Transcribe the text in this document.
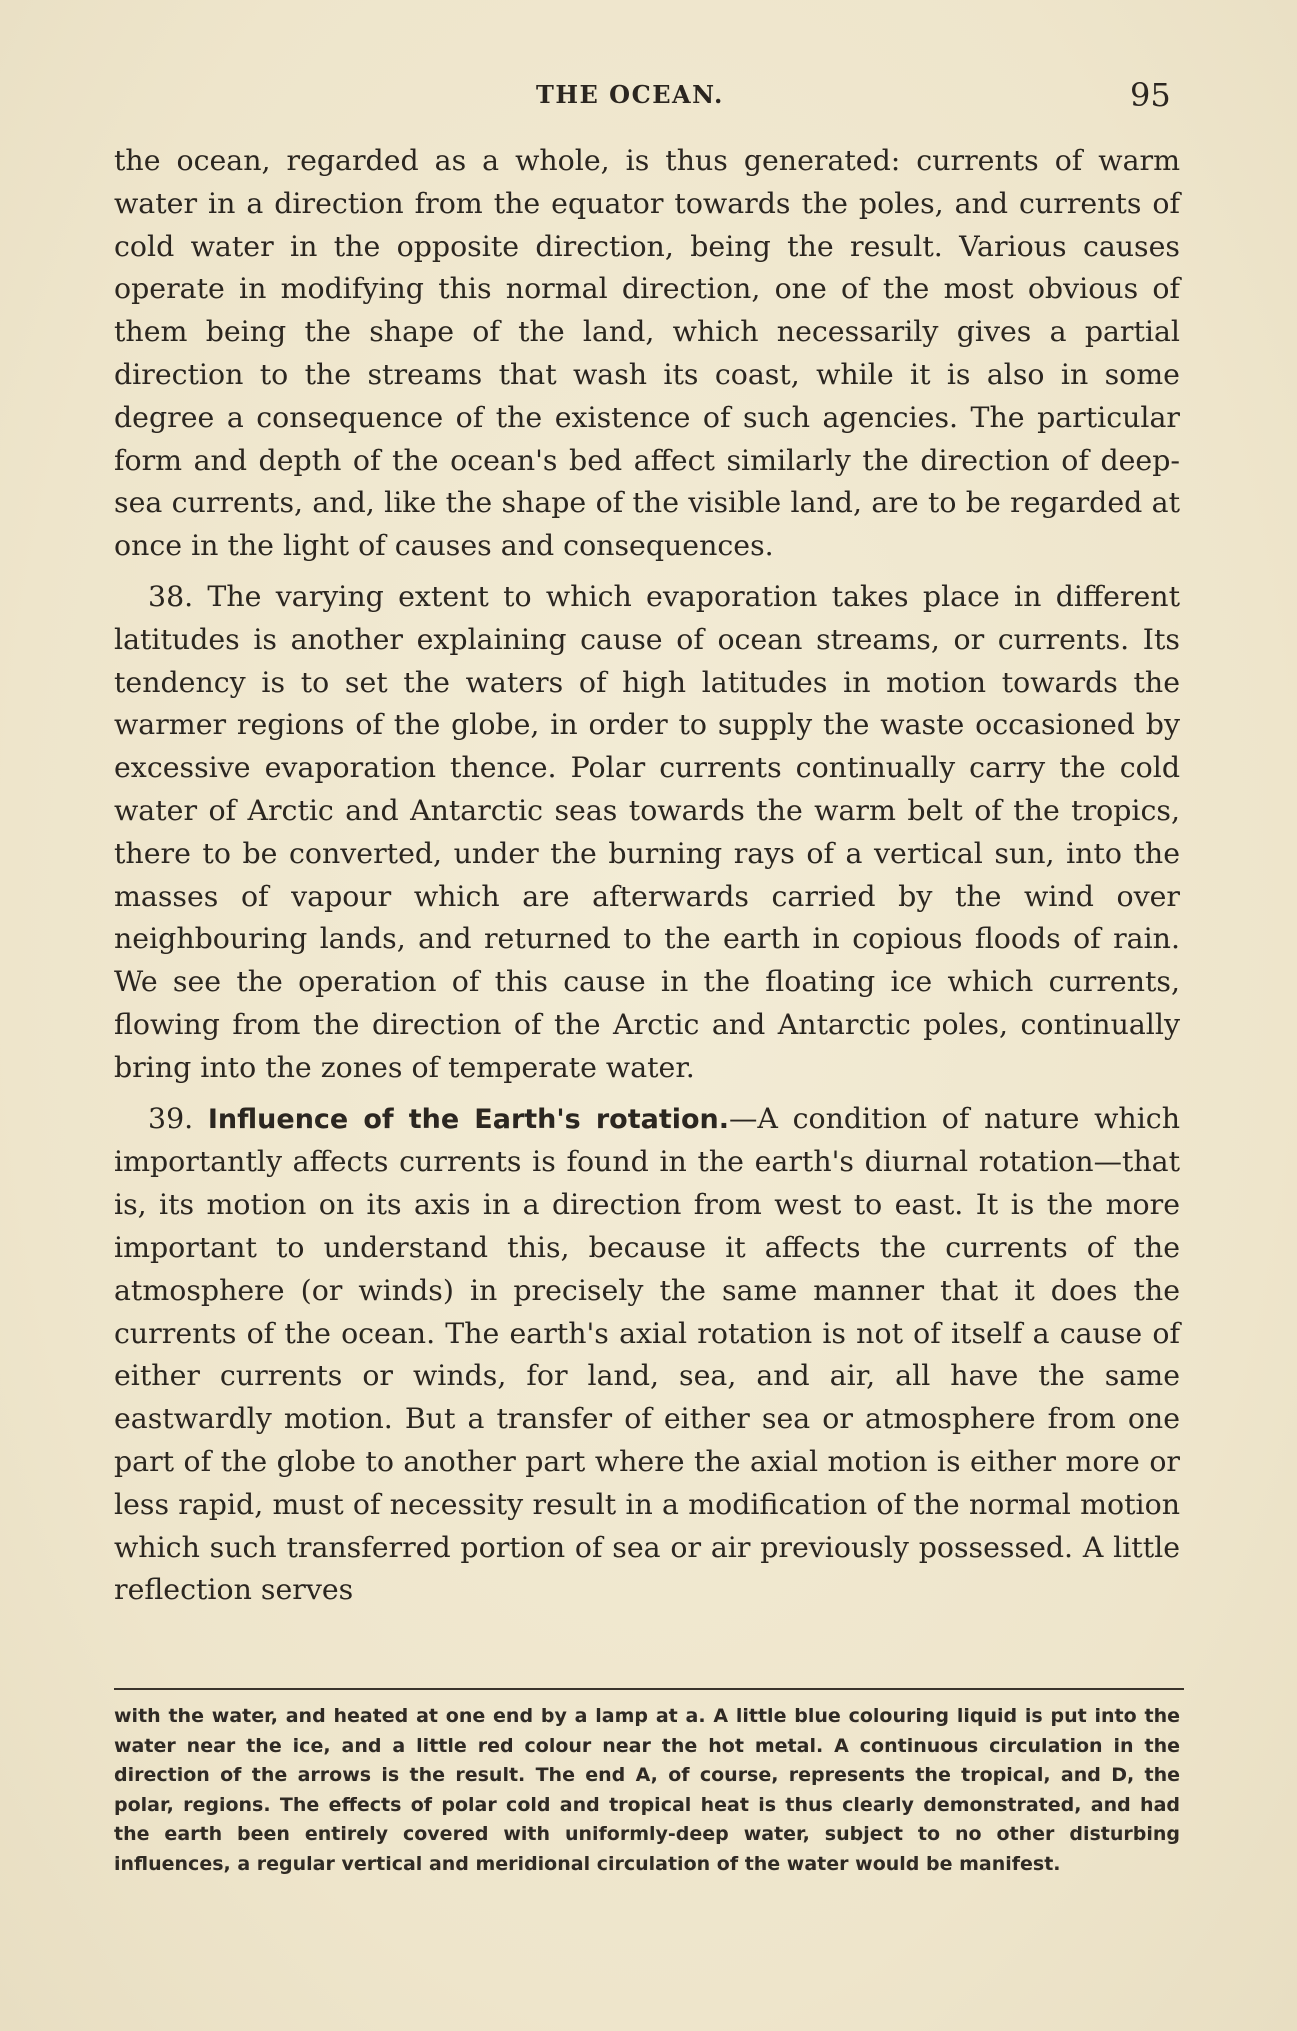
THE OCEAN.	95

the ocean, regarded as a whole, is thus generated: currents of warm water in a direction from the equator towards the poles, and currents of cold water in the opposite direction, being the result. Various causes operate in modifying this normal direction, one of the most obvious of them being the shape of the land, which necessarily gives a partial direction to the streams that wash its coast, while it is also in some degree a consequence of the existence of such agencies. The particular form and depth of the ocean's bed affect similarly the direction of deep-sea currents, and, like the shape of the visible land, are to be regarded at once in the light of causes and consequences.

38. The varying extent to which evaporation takes place in different latitudes is another explaining cause of ocean streams, or currents. Its tendency is to set the waters of high latitudes in motion towards the warmer regions of the globe, in order to supply the waste occasioned by excessive evaporation thence. Polar currents continually carry the cold water of Arctic and Antarctic seas towards the warm belt of the tropics, there to be converted, under the burning rays of a vertical sun, into the masses of vapour which are afterwards carried by the wind over neighbouring lands, and returned to the earth in copious floods of rain. We see the operation of this cause in the floating ice which currents, flowing from the direction of the Arctic and Antarctic poles, continually bring into the zones of temperate water.

39. Influence of the Earth's rotation.—A condition of nature which importantly affects currents is found in the earth's diurnal rotation—that is, its motion on its axis in a direction from west to east. It is the more important to understand this, because it affects the currents of the atmosphere (or winds) in precisely the same manner that it does the currents of the ocean. The earth's axial rotation is not of itself a cause of either currents or winds, for land, sea, and air, all have the same eastwardly motion. But a transfer of either sea or atmosphere from one part of the globe to another part where the axial motion is either more or less rapid, must of necessity result in a modification of the normal motion which such transferred portion of sea or air previously possessed. A little reflection serves

with the water, and heated at one end by a lamp at a. A little blue colouring liquid is put into the water near the ice, and a little red colour near the hot metal. A continuous circulation in the direction of the arrows is the result. The end A, of course, represents the tropical, and D, the polar, regions. The effects of polar cold and tropical heat is thus clearly demonstrated, and had the earth been entirely covered with uniformly-deep water, subject to no other disturbing influences, a regular vertical and meridional circulation of the water would be manifest.
